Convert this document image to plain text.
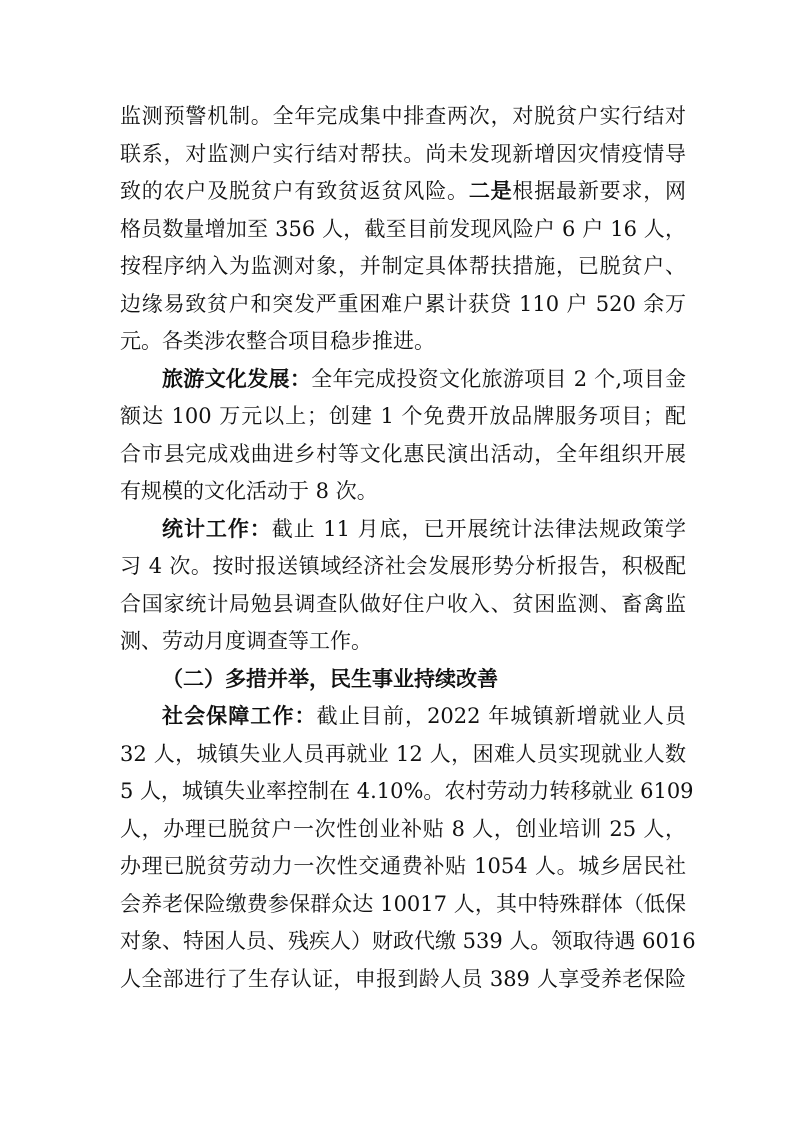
监测预警机制。全年完成集中排查两次，对脱贫户实行结对
联系，对监测户实行结对帮扶。尚未发现新增因灾情疫情导
致的农户及脱贫户有致贫返贫风险。二是根据最新要求，网
格员数量增加至 356 人，截至目前发现风险户 6 户 16 人，
按程序纳入为监测对象，并制定具体帮扶措施，已脱贫户、
边缘易致贫户和突发严重困难户累计获贷 110 户 520 余万
元。各类涉农整合项目稳步推进。
旅游文化发展：全年完成投资文化旅游项目 2 个,项目金
额达 100 万元以上；创建 1 个免费开放品牌服务项目；配
合市县完成戏曲进乡村等文化惠民演出活动，全年组织开展
有规模的文化活动于 8 次。
统计工作：截止 11 月底，已开展统计法律法规政策学
习 4 次。按时报送镇域经济社会发展形势分析报告，积极配
合国家统计局勉县调查队做好住户收入、贫困监测、畜禽监
测、劳动月度调查等工作。
（二）多措并举，民生事业持续改善
社会保障工作：截止目前，2022 年城镇新增就业人员
32 人，城镇失业人员再就业 12 人，困难人员实现就业人数
5 人，城镇失业率控制在 4.10%。农村劳动力转移就业 6109
人，办理已脱贫户一次性创业补贴 8 人，创业培训 25 人，
办理已脱贫劳动力一次性交通费补贴 1054 人。城乡居民社
会养老保险缴费参保群众达 10017 人，其中特殊群体（低保
对象、特困人员、残疾人）财政代缴 539 人。领取待遇 6016
人全部进行了生存认证，申报到龄人员 389 人享受养老保险
